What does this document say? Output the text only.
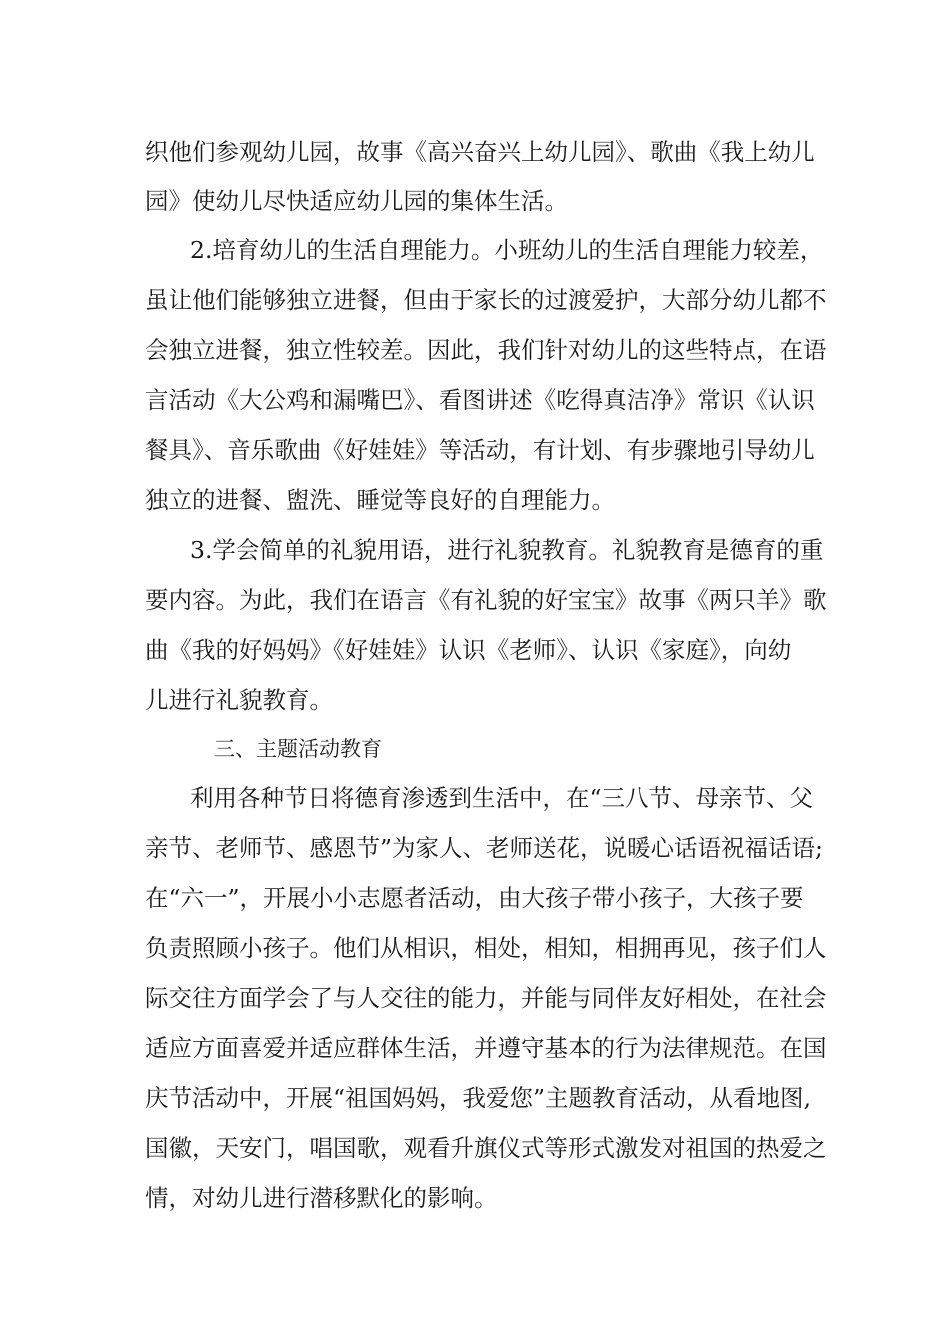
织他们参观幼儿园，故事《高兴奋兴上幼儿园》、歌曲《我上幼儿
园》使幼儿尽快适应幼儿园的集体生活。
2.培育幼儿的生活自理能力。小班幼儿的生活自理能力较差，
虽让他们能够独立进餐，但由于家长的过渡爱护，大部分幼儿都不
会独立进餐，独立性较差。因此，我们针对幼儿的这些特点，在语
言活动《大公鸡和漏嘴巴》、看图讲述《吃得真洁净》常识《认识
餐具》、音乐歌曲《好娃娃》等活动，有计划、有步骤地引导幼儿
独立的进餐、盥洗、睡觉等良好的自理能力。
3.学会简单的礼貌用语，进行礼貌教育。礼貌教育是德育的重
要内容。为此，我们在语言《有礼貌的好宝宝》故事《两只羊》歌
曲《我的好妈妈》《好娃娃》认识《老师》、认识《家庭》，向幼
儿进行礼貌教育。
三、主题活动教育
利用各种节日将德育渗透到生活中，在“三八节、母亲节、父
亲节、老师节、感恩节”为家人、老师送花，说暖心话语祝福话语;
在“六一”，开展小小志愿者活动，由大孩子带小孩子，大孩子要
负责照顾小孩子。他们从相识，相处，相知，相拥再见，孩子们人
际交往方面学会了与人交往的能力，并能与同伴友好相处，在社会
适应方面喜爱并适应群体生活，并遵守基本的行为法律规范。在国
庆节活动中，开展“祖国妈妈，我爱您”主题教育活动，从看地图,
国徽，天安门，唱国歌，观看升旗仪式等形式激发对祖国的热爱之
情，对幼儿进行潜移默化的影响。
